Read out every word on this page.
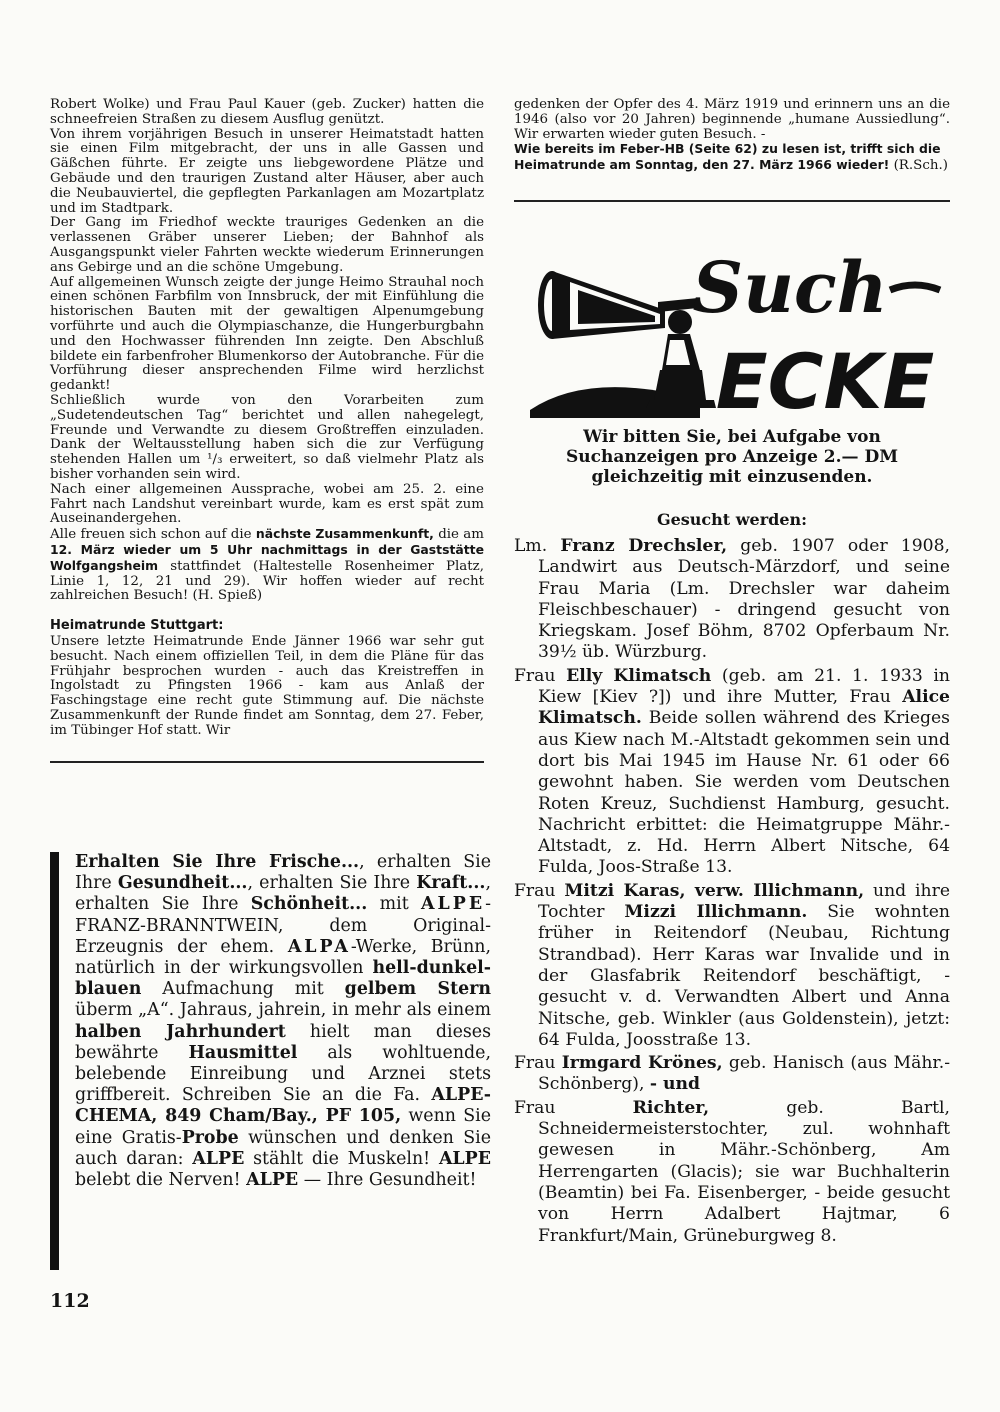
Robert Wolke) und Frau Paul Kauer (geb. Zucker) hatten die schneefreien Straßen zu diesem Ausflug genützt.

Von ihrem vorjährigen Besuch in unserer Heimatstadt hatten sie einen Film mitgebracht, der uns in alle Gassen und Gäßchen führte. Er zeigte uns liebgewordene Plätze und Gebäude und den traurigen Zustand alter Häuser, aber auch die Neubauviertel, die gepflegten Parkanlagen am Mozartplatz und im Stadtpark.

Der Gang im Friedhof weckte trauriges Gedenken an die verlassenen Gräber unserer Lieben; der Bahnhof als Ausgangspunkt vieler Fahrten weckte wiederum Erinnerungen ans Gebirge und an die schöne Umgebung.

Auf allgemeinen Wunsch zeigte der junge Heimo Strauhal noch einen schönen Farbfilm von Innsbruck, der mit Einfühlung die historischen Bauten mit der gewaltigen Alpenumgebung vorführte und auch die Olympiaschanze, die Hungerburgbahn und den Hochwasser führenden Inn zeigte. Den Abschluß bildete ein farbenfroher Blumenkorso der Autobranche. Für die Vorführung dieser ansprechenden Filme wird herzlichst gedankt!

Schließlich wurde von den Vorarbeiten zum „Sudetendeutschen Tag“ berichtet und allen nahegelegt, Freunde und Verwandte zu diesem Großtreffen einzuladen. Dank der Weltausstellung haben sich die zur Verfügung stehenden Hallen um ¹/₃ erweitert, so daß vielmehr Platz als bisher vorhanden sein wird.

Nach einer allgemeinen Aussprache, wobei am 25. 2. eine Fahrt nach Landshut vereinbart wurde, kam es erst spät zum Auseinandergehen.

Alle freuen sich schon auf die nächste Zusammenkunft, die am 12. März wieder um 5 Uhr nachmittags in der Gaststätte Wolfgangsheim stattfindet (Haltestelle Rosenheimer Platz, Linie 1, 12, 21 und 29). Wir hoffen wieder auf recht zahlreichen Besuch! (H. Spieß)

Heimatrunde Stuttgart:

Unsere letzte Heimatrunde Ende Jänner 1966 war sehr gut besucht. Nach einem offiziellen Teil, in dem die Pläne für das Frühjahr besprochen wurden - auch das Kreistreffen in Ingolstadt zu Pfingsten 1966 - kam aus Anlaß der Faschingstage eine recht gute Stimmung auf. Die nächste Zusammenkunft der Runde findet am Sonntag, dem 27. Feber, im Tübinger Hof statt. Wir

Erhalten Sie Ihre Frische..., erhalten Sie Ihre Gesundheit..., erhalten Sie Ihre Kraft..., erhalten Sie Ihre Schönheit... mit ALPE-FRANZ-BRANNTWEIN, dem Original-Erzeugnis der ehem. ALPA-Werke, Brünn, natürlich in der wirkungsvollen hell-dunkel-blauen Aufmachung mit gelbem Stern überm „A“. Jahraus, jahrein, in mehr als einem halben Jahrhundert hielt man dieses bewährte Hausmittel als wohltuende, belebende Einreibung und Arznei stets griffbereit. Schreiben Sie an die Fa. ALPE-CHEMA, 849 Cham/Bay., PF 105, wenn Sie eine Gratis-Probe wünschen und denken Sie auch daran: ALPE stählt die Muskeln! ALPE belebt die Nerven! ALPE — Ihre Gesundheit!

112

gedenken der Opfer des 4. März 1919 und erinnern uns an die 1946 (also vor 20 Jahren) beginnende „humane Aussiedlung“. Wir erwarten wieder guten Besuch. -

Wie bereits im Feber-HB (Seite 62) zu lesen ist, trifft sich die Heimatrunde am Sonntag, den 27. März 1966 wieder! (R.Sch.)

Such
ECKE

Wir bitten Sie, bei Aufgabe von Suchanzeigen pro Anzeige 2.— DM gleichzeitig mit einzusenden.

Gesucht werden:

Lm. Franz Drechsler, geb. 1907 oder 1908, Landwirt aus Deutsch-Märzdorf, und seine Frau Maria (Lm. Drechsler war daheim Fleischbeschauer) - dringend gesucht von Kriegskam. Josef Böhm, 8702 Opferbaum Nr. 39½ üb. Würzburg.

Frau Elly Klimatsch (geb. am 21. 1. 1933 in Kiew [Kiev ?]) und ihre Mutter, Frau Alice Klimatsch. Beide sollen während des Krieges aus Kiew nach M.-Altstadt gekommen sein und dort bis Mai 1945 im Hause Nr. 61 oder 66 gewohnt haben. Sie werden vom Deutschen Roten Kreuz, Suchdienst Hamburg, gesucht. Nachricht erbittet: die Heimatgruppe Mähr.-Altstadt, z. Hd. Herrn Albert Nitsche, 64 Fulda, Joos-Straße 13.

Frau Mitzi Karas, verw. Illichmann, und ihre Tochter Mizzi Illichmann. Sie wohnten früher in Reitendorf (Neubau, Richtung Strandbad). Herr Karas war Invalide und in der Glasfabrik Reitendorf beschäftigt, - gesucht v. d. Verwandten Albert und Anna Nitsche, geb. Winkler (aus Goldenstein), jetzt: 64 Fulda, Joosstraße 13.

Frau Irmgard Krönes, geb. Hanisch (aus Mähr.-Schönberg), - und

Frau Richter, geb. Bartl, Schneidermeisterstochter, zul. wohnhaft gewesen in Mähr.-Schönberg, Am Herrengarten (Glacis); sie war Buchhalterin (Beamtin) bei Fa. Eisenberger, - beide gesucht von Herrn Adalbert Hajtmar, 6 Frankfurt/Main, Grüneburgweg 8.
